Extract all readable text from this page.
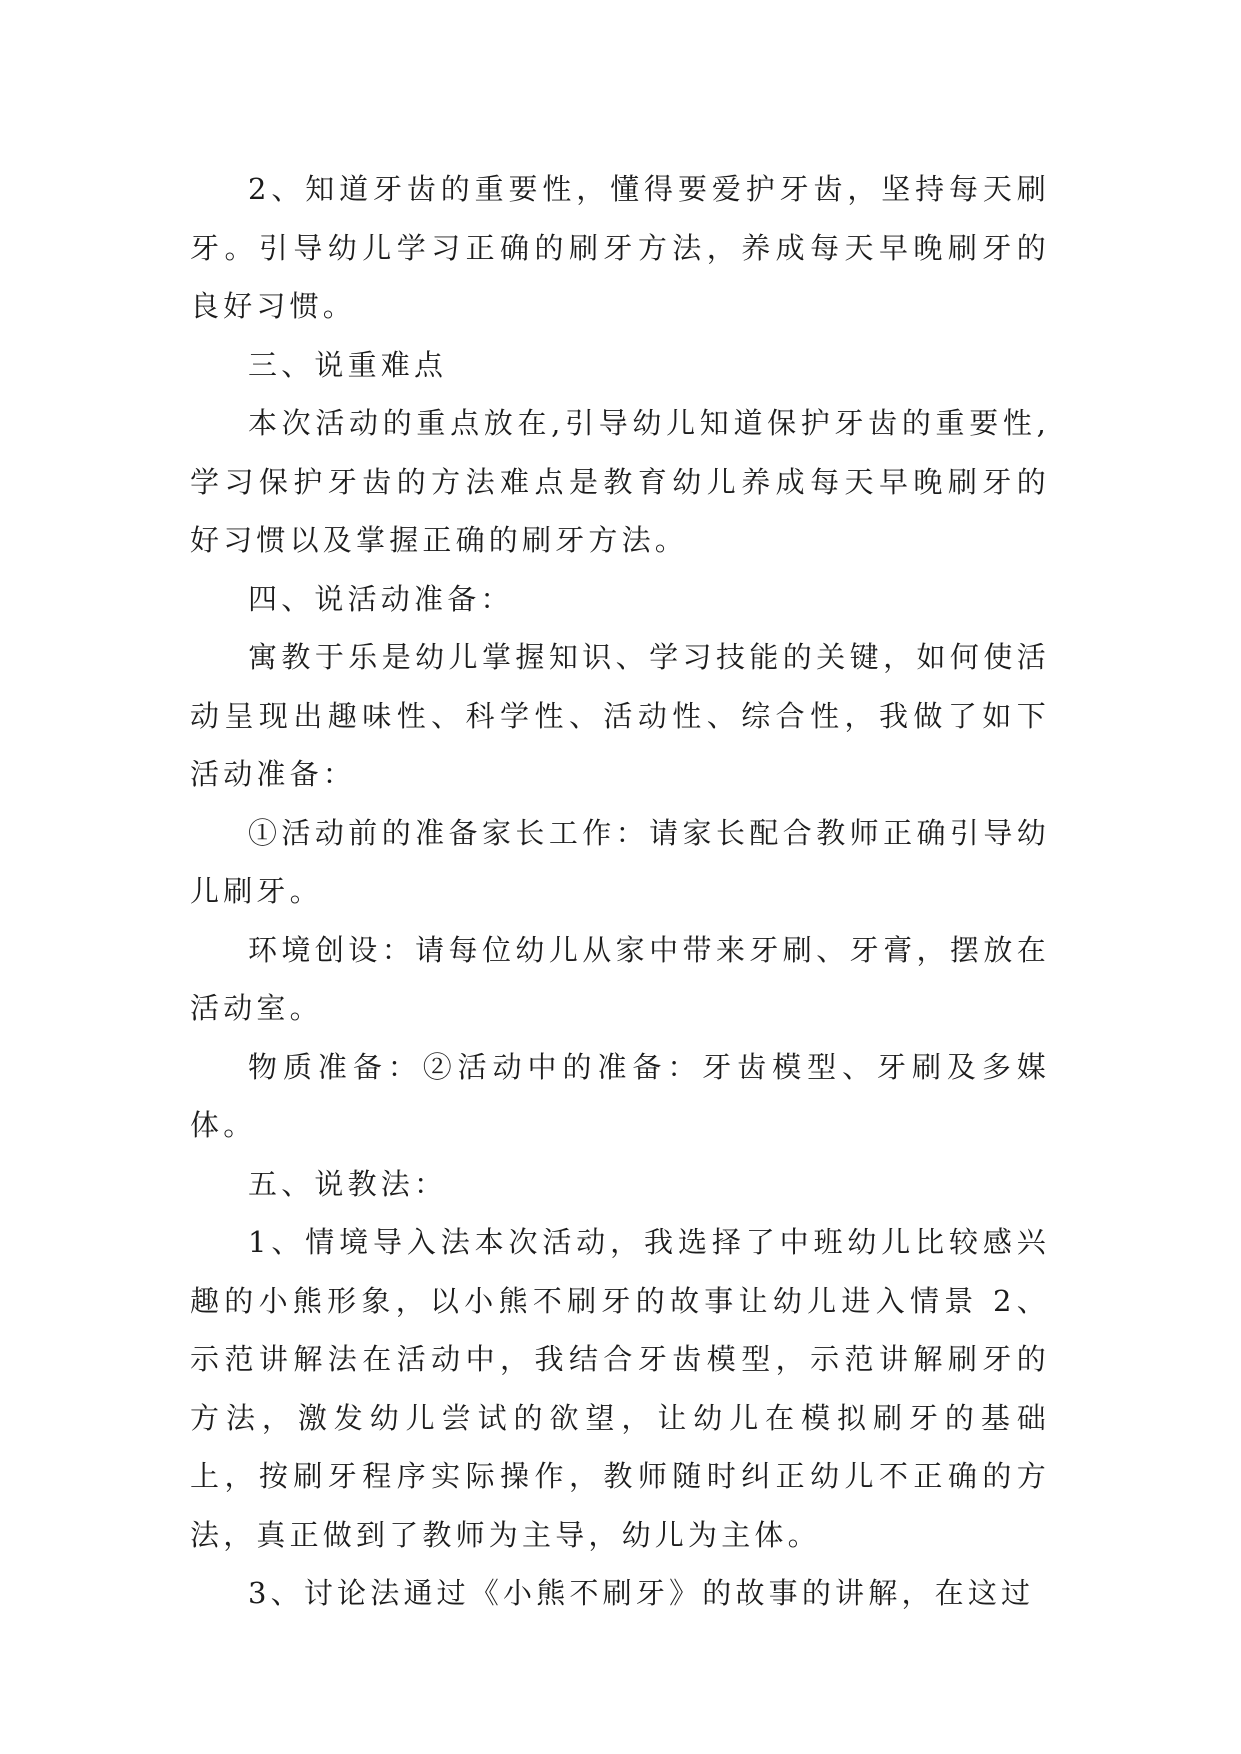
2、知道牙齿的重要性，懂得要爱护牙齿，坚持每天刷牙。引导幼儿学习正确的刷牙方法，养成每天早晚刷牙的良好习惯。

三、说重难点

本次活动的重点放在,引导幼儿知道保护牙齿的重要性,学习保护牙齿的方法难点是教育幼儿养成每天早晚刷牙的好习惯以及掌握正确的刷牙方法。

四、说活动准备：

寓教于乐是幼儿掌握知识、学习技能的关键，如何使活动呈现出趣味性、科学性、活动性、综合性，我做了如下活动准备：

①活动前的准备家长工作：请家长配合教师正确引导幼儿刷牙。

环境创设：请每位幼儿从家中带来牙刷、牙膏，摆放在活动室。

物质准备：②活动中的准备：牙齿模型、牙刷及多媒体。

五、说教法：

1、情境导入法本次活动，我选择了中班幼儿比较感兴趣的小熊形象，以小熊不刷牙的故事让幼儿进入情景 2、示范讲解法在活动中，我结合牙齿模型，示范讲解刷牙的方法，激发幼儿尝试的欲望，让幼儿在模拟刷牙的基础上，按刷牙程序实际操作，教师随时纠正幼儿不正确的方法，真正做到了教师为主导，幼儿为主体。

3、讨论法通过《小熊不刷牙》的故事的讲解，在这过
